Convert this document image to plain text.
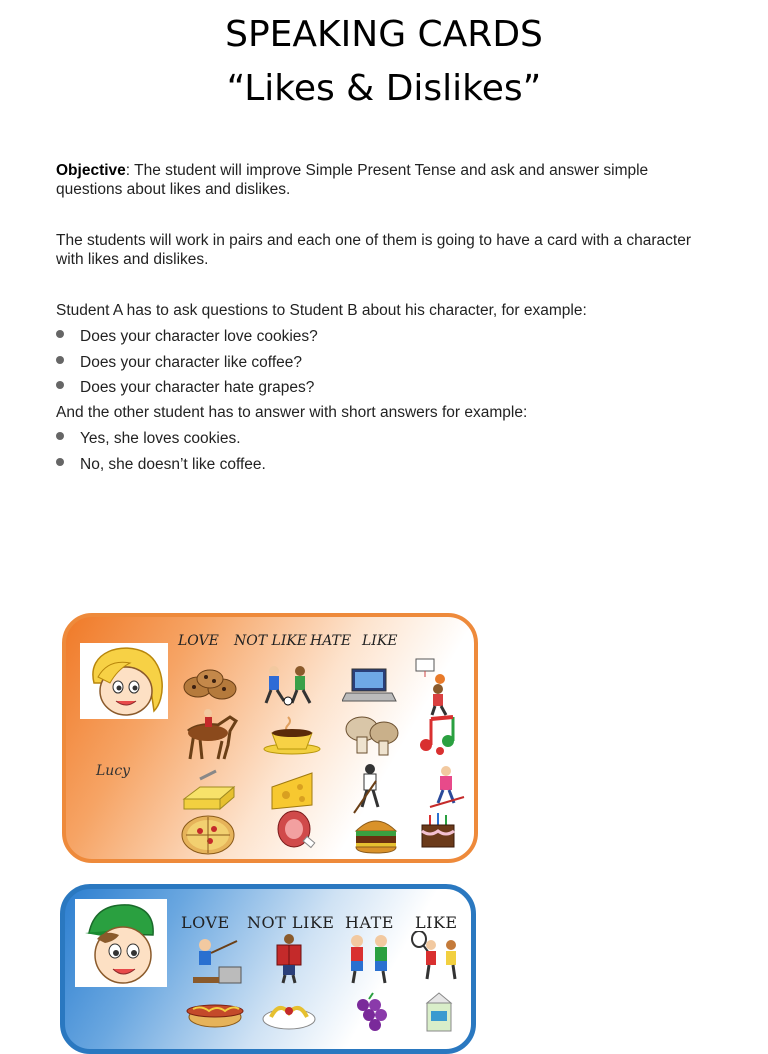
SPEAKING CARDS
“Likes & Dislikes”
Objective: The student will improve Simple Present Tense and ask and answer simple questions about likes and dislikes.
The students will work in pairs and each one of them is going to have a card with a character with likes and dislikes.
Student A has to ask questions to Student B about his character, for example:
Does your character love cookies?
Does your character like coffee?
Does your character hate grapes?
And the other student has to answer with short answers for example:
Yes, she loves cookies.
No, she doesn’t like coffee.
LOVE NOT LIKE HATE LIKE
Lucy
LOVE NOT LIKE HATE LIKE
